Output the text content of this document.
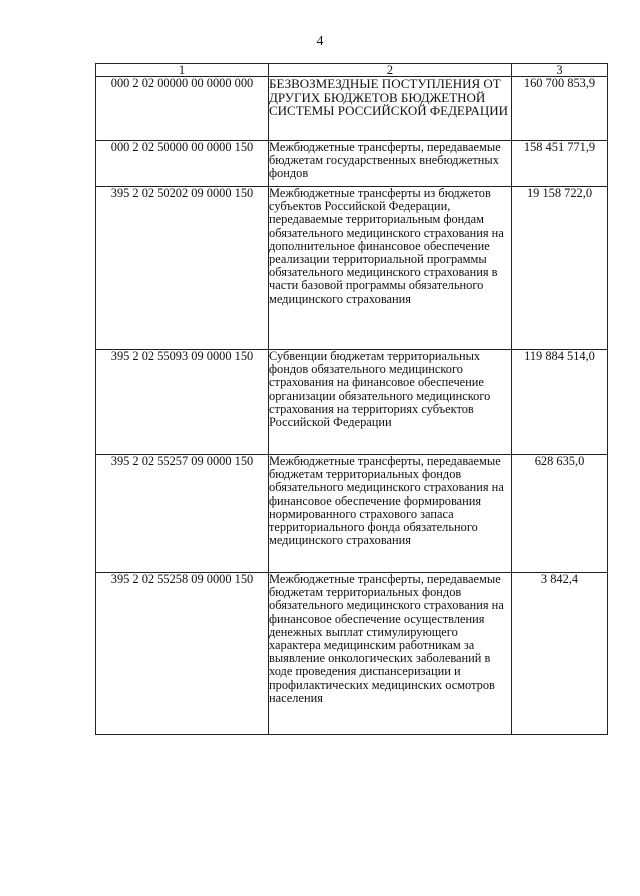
4
1	2	3
000 2 02 00000 00 0000 000	БЕЗВОЗМЕЗДНЫЕ ПОСТУПЛЕНИЯ ОТ ДРУГИХ БЮДЖЕТОВ БЮДЖЕТНОЙ СИСТЕМЫ РОССИЙСКОЙ ФЕДЕРАЦИИ	160 700 853,9
000 2 02 50000 00 0000 150	Межбюджетные трансферты, передаваемые бюджетам государственных внебюджетных фондов	158 451 771,9
395 2 02 50202 09 0000 150	Межбюджетные трансферты из бюджетов субъектов Российской Федерации, передаваемые территориальным фондам обязательного медицинского страхования на дополнительное финансовое обеспечение реализации территориальной программы обязательного медицинского страхования в части базовой программы обязательного медицинского страхования	19 158 722,0
395 2 02 55093 09 0000 150	Субвенции бюджетам территориальных фондов обязательного медицинского страхования на финансовое обеспечение организации обязательного медицинского страхования на территориях субъектов Российской Федерации	119 884 514,0
395 2 02 55257 09 0000 150	Межбюджетные трансферты, передаваемые бюджетам территориальных фондов обязательного медицинского страхования на финансовое обеспечение формирования нормированного страхового запаса территориального фонда обязательного медицинского страхования	628 635,0
395 2 02 55258 09 0000 150	Межбюджетные трансферты, передаваемые бюджетам территориальных фондов обязательного медицинского страхования на финансовое обеспечение осуществления денежных выплат стимулирующего характера медицинским работникам за выявление онкологических заболеваний в ходе проведения диспансеризации и профилактических медицинских осмотров населения	3 842,4
